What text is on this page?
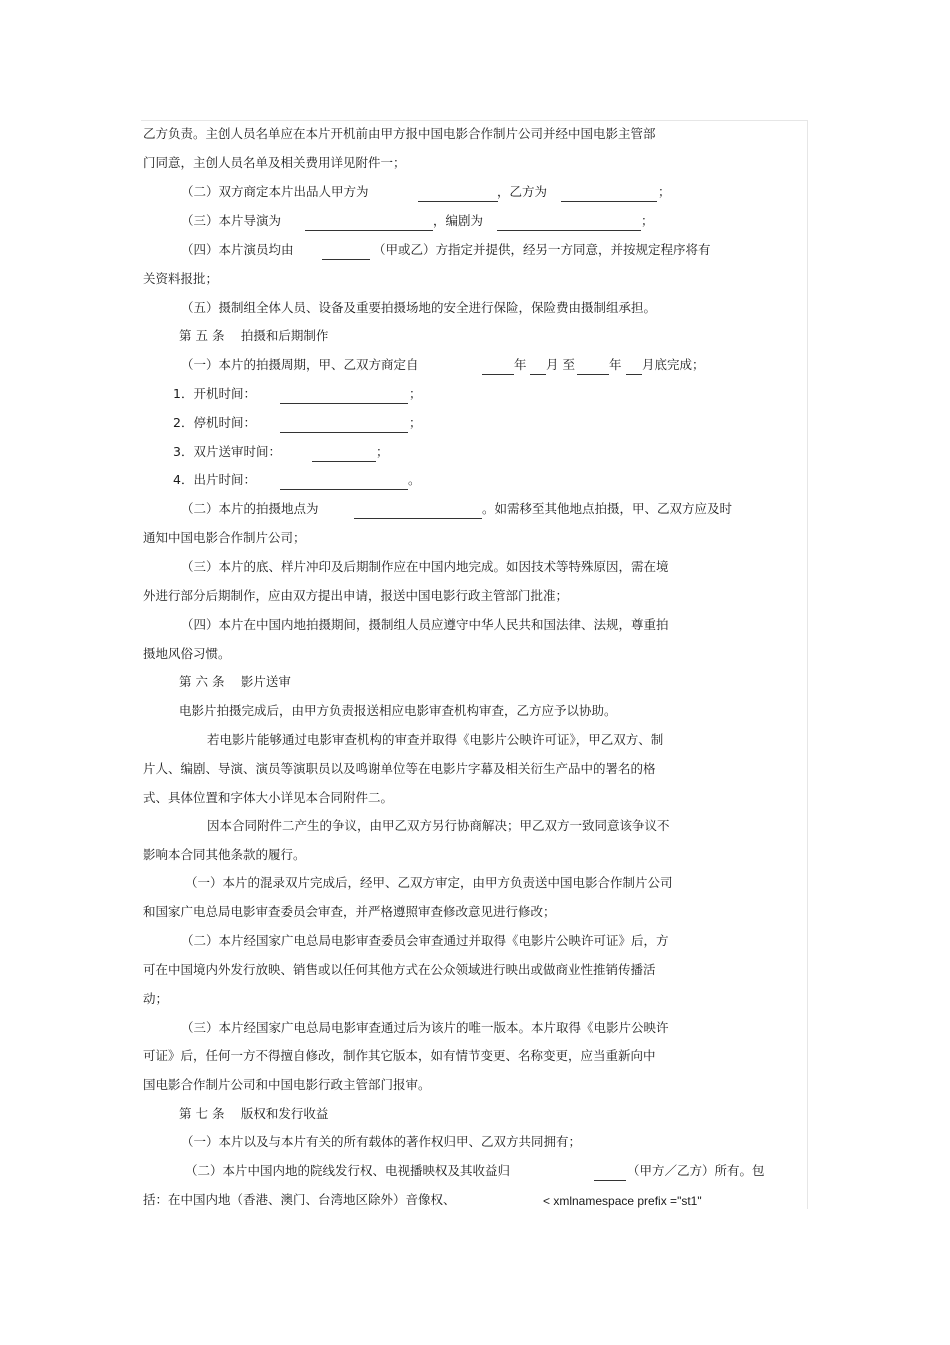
乙方负责。主创人员名单应在本片开机前由甲方报中国电影合作制片公司并经中国电影主管部
门同意，主创人员名单及相关费用详见附件一；
（二）双方商定本片出品人甲方为	，乙方为	；
（三）本片导演为	，编剧为	；
（四）本片演员均由	（甲或乙）方指定并提供，经另一方同意，并按规定程序将有
关资料报批；
（五）摄制组全体人员、设备及重要拍摄场地的安全进行保险，保险费由摄制组承担。
第 五 条　 拍摄和后期制作
（一）本片的拍摄周期，甲、乙双方商定自	年 月 至	年 月底完成；
1．开机时间：	；
2．停机时间：	；
3．双片送审时间：	；
4．出片时间：	。
（二）本片的拍摄地点为	。如需移至其他地点拍摄，甲、乙双方应及时
通知中国电影合作制片公司；
（三）本片的底、样片冲印及后期制作应在中国内地完成。如因技术等特殊原因，需在境
外进行部分后期制作，应由双方提出申请，报送中国电影行政主管部门批准；
（四）本片在中国内地拍摄期间，摄制组人员应遵守中华人民共和国法律、法规，尊重拍
摄地风俗习惯。
第 六 条　 影片送审
电影片拍摄完成后，由甲方负责报送相应电影审查机构审查，乙方应予以协助。
若电影片能够通过电影审查机构的审查并取得《电影片公映许可证》，甲乙双方、制
片人、编剧、导演、演员等演职员以及鸣谢单位等在电影片字幕及相关衍生产品中的署名的格
式、具体位置和字体大小详见本合同附件二。
因本合同附件二产生的争议，由甲乙双方另行协商解决；甲乙双方一致同意该争议不
影响本合同其他条款的履行。
（一）本片的混录双片完成后，经甲、乙双方审定，由甲方负责送中国电影合作制片公司
和国家广电总局电影审查委员会审查，并严格遵照审查修改意见进行修改；
（二）本片经国家广电总局电影审查委员会审查通过并取得《电影片公映许可证》后，方
可在中国境内外发行放映、销售或以任何其他方式在公众领域进行映出或做商业性推销传播活
动；
（三）本片经国家广电总局电影审查通过后为该片的唯一版本。本片取得《电影片公映许
可证》后，任何一方不得擅自修改，制作其它版本，如有情节变更、名称变更，应当重新向中
国电影合作制片公司和中国电影行政主管部门报审。
第 七 条　 版权和发行收益
（一）本片以及与本片有关的所有载体的著作权归甲、乙双方共同拥有；
（二）本片中国内地的院线发行权、电视播映权及其收益归	（甲方／乙方）所有。包
括：在中国内地（香港、澳门、台湾地区除外）音像权、	< xmlnamespace prefix ="st1"
